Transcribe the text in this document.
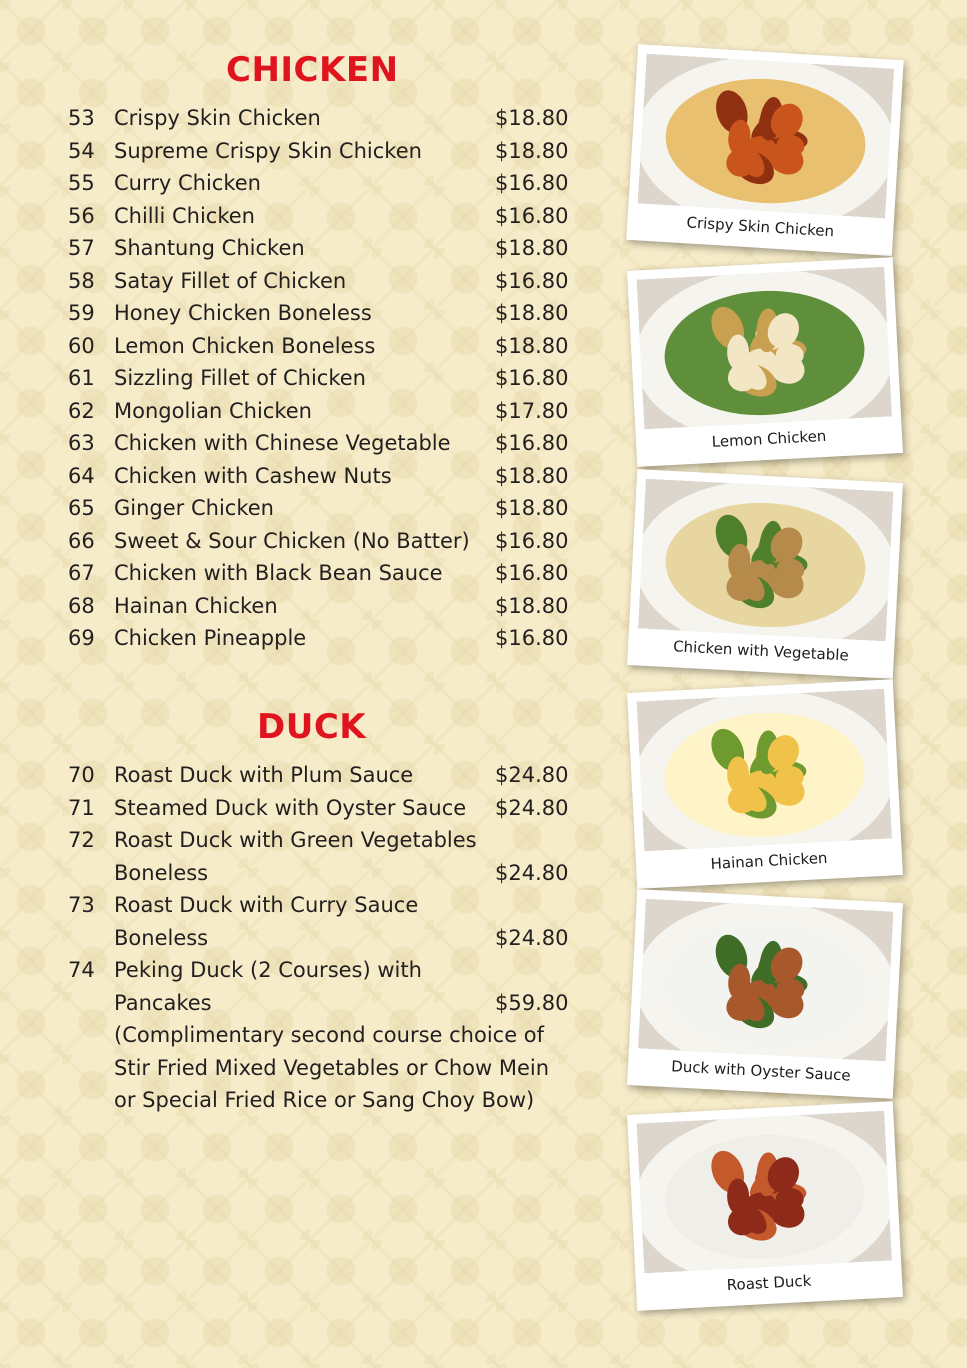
CHICKEN
53 Crispy Skin Chicken	$18.80
54 Supreme Crispy Skin Chicken	$18.80
55 Curry Chicken	$16.80
56 Chilli Chicken	$16.80
57 Shantung Chicken	$18.80
58 Satay Fillet of Chicken	$16.80
59 Honey Chicken Boneless	$18.80
60 Lemon Chicken Boneless	$18.80
61 Sizzling Fillet of Chicken	$16.80
62 Mongolian Chicken	$17.80
63 Chicken with Chinese Vegetable $16.80
64 Chicken with Cashew Nuts	$18.80
65 Ginger Chicken	$18.80
66 Sweet & Sour Chicken (No Batter) $16.80
67 Chicken with Black Bean Sauce $16.80
68 Hainan Chicken	$18.80
69 Chicken Pineapple	$16.80
DUCK
70 Roast Duck with Plum Sauce	$24.80
71 Steamed Duck with Oyster Sauce $24.80
72 Roast Duck with Green Vegetables
Boneless	$24.80
73 Roast Duck with Curry Sauce
Boneless	$24.80
74 Peking Duck (2 Courses) with
Pancakes	$59.80
(Complimentary second course choice of
Stir Fried Mixed Vegetables or Chow Mein
or Special Fried Rice or Sang Choy Bow)
Crispy Skin Chicken
Lemon Chicken
Chicken with Vegetable
Hainan Chicken
Duck with Oyster Sauce
Roast Duck
